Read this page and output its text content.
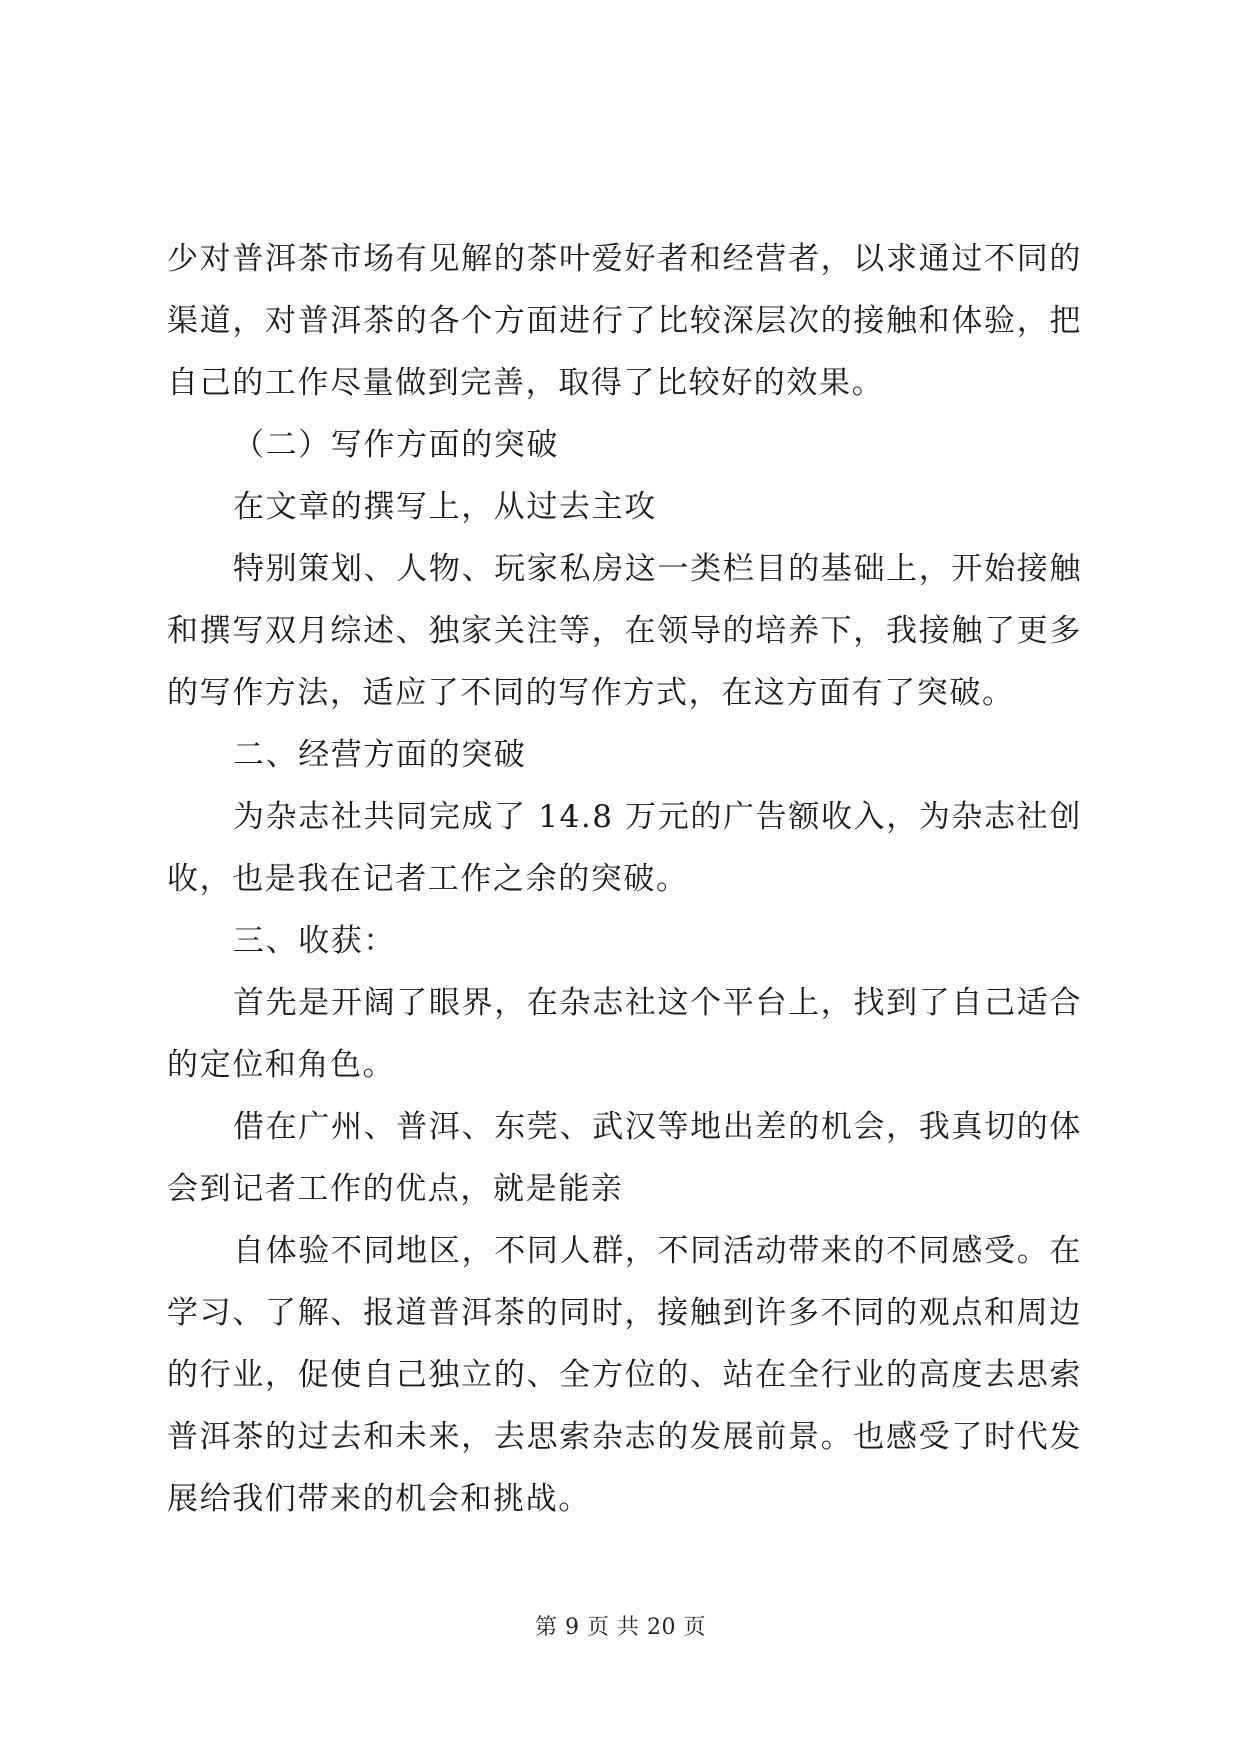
少对普洱茶市场有见解的茶叶爱好者和经营者，以求通过不同的渠道，对普洱茶的各个方面进行了比较深层次的接触和体验，把自己的工作尽量做到完善，取得了比较好的效果。

（二）写作方面的突破

在文章的撰写上，从过去主攻

特别策划、人物、玩家私房这一类栏目的基础上，开始接触和撰写双月综述、独家关注等，在领导的培养下，我接触了更多的写作方法，适应了不同的写作方式，在这方面有了突破。

二、经营方面的突破

为杂志社共同完成了 14.8 万元的广告额收入，为杂志社创收，也是我在记者工作之余的突破。

三、收获：

首先是开阔了眼界，在杂志社这个平台上，找到了自己适合的定位和角色。

借在广州、普洱、东莞、武汉等地出差的机会，我真切的体会到记者工作的优点，就是能亲

自体验不同地区，不同人群，不同活动带来的不同感受。在学习、了解、报道普洱茶的同时，接触到许多不同的观点和周边的行业，促使自己独立的、全方位的、站在全行业的高度去思索普洱茶的过去和未来，去思索杂志的发展前景。也感受了时代发展给我们带来的机会和挑战。

第 9 页 共 20 页
